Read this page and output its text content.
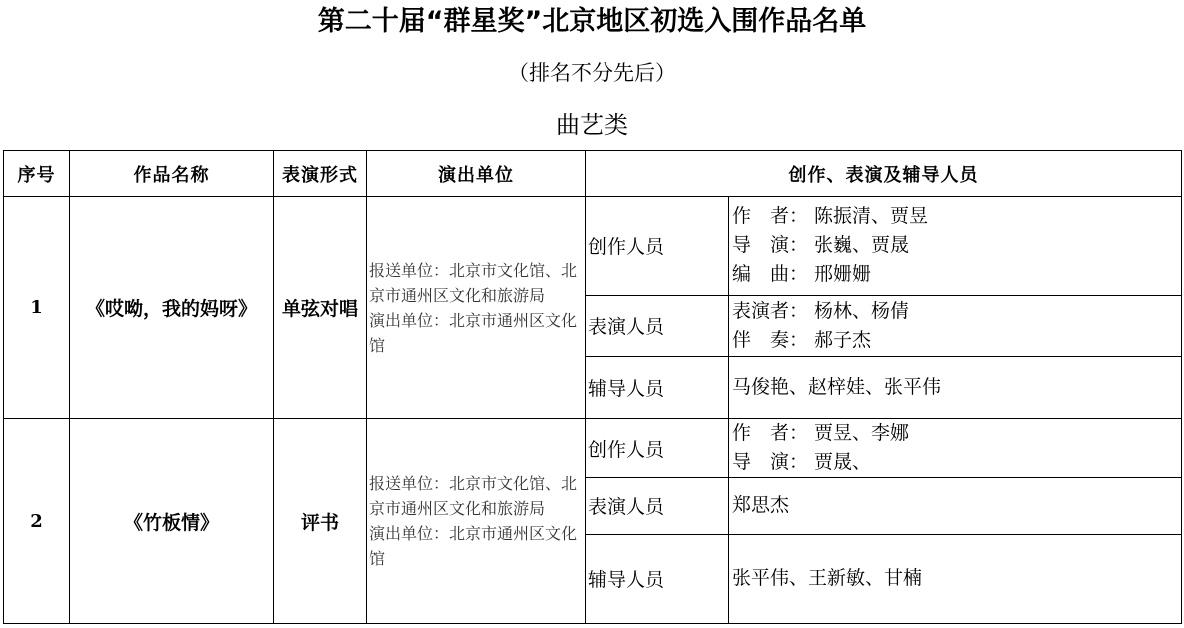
第二十届“群星奖”北京地区初选入围作品名单
（排名不分先后）
曲艺类
序号	作品名称	表演形式	演出单位	创作、表演及辅导人员	
1	《哎呦，我的妈呀》	单弦对唱	报送单位：北京市文化馆、北京市通州区文化和旅游局
演出单位：北京市通州区文化馆	创作人员	作　者： 陈振清、贾昱
导　演： 张巍、贾晟
编　曲： 邢姗姗

				表演人员	表演者： 杨林、杨倩
伴　奏： 郝子杰

				辅导人员	马俊艳、赵梓娃、张平伟
2	《竹板情》	评书	报送单位：北京市文化馆、北京市通州区文化和旅游局
演出单位：北京市通州区文化馆	创作人员	作　者： 贾昱、李娜
导　演： 贾晟、

				表演人员	郑思杰
				辅导人员	张平伟、王新敏、甘楠
